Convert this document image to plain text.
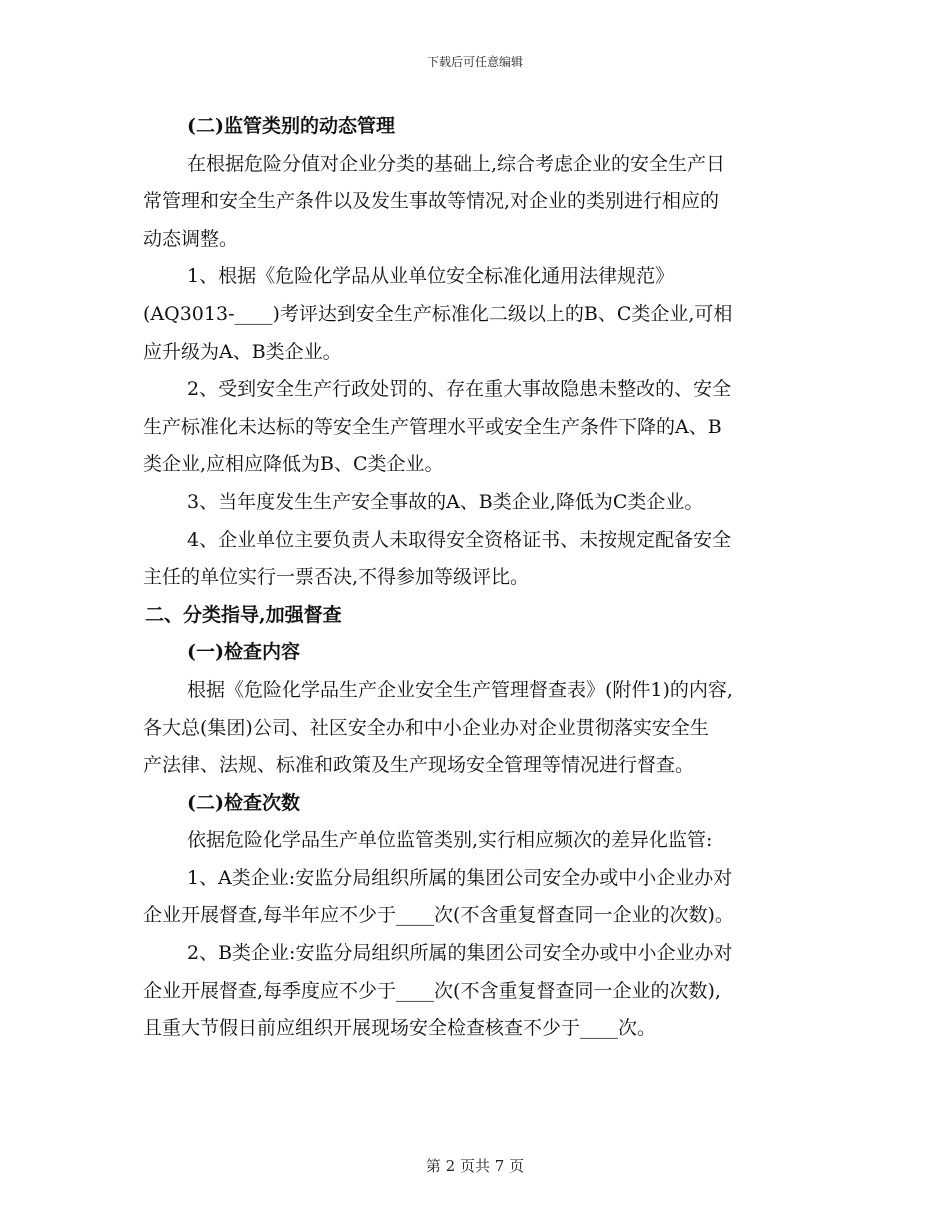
下载后可任意编辑

(二)监管类别的动态管理

在根据危险分值对企业分类的基础上,综合考虑企业的安全生产日

常管理和安全生产条件以及发生事故等情况,对企业的类别进行相应的

动态调整。

1、根据《危险化学品从业单位安全标准化通用法律规范》

(AQ3013-____)考评达到安全生产标准化二级以上的B、C类企业,可相

应升级为A、B类企业。

2、受到安全生产行政处罚的、存在重大事故隐患未整改的、安全

生产标准化未达标的等安全生产管理水平或安全生产条件下降的A、B

类企业,应相应降低为B、C类企业。

3、当年度发生生产安全事故的A、B类企业,降低为C类企业。

4、企业单位主要负责人未取得安全资格证书、未按规定配备安全

主任的单位实行一票否决,不得参加等级评比。

二、分类指导,加强督查

(一)检查内容

根据《危险化学品生产企业安全生产管理督查表》(附件1)的内容,

各大总(集团)公司、社区安全办和中小企业办对企业贯彻落实安全生

产法律、法规、标准和政策及生产现场安全管理等情况进行督查。

(二)检查次数

依据危险化学品生产单位监管类别,实行相应频次的差异化监管:

1、A类企业:安监分局组织所属的集团公司安全办或中小企业办对

企业开展督查,每半年应不少于____次(不含重复督查同一企业的次数)。

2、B类企业:安监分局组织所属的集团公司安全办或中小企业办对

企业开展督查,每季度应不少于____次(不含重复督查同一企业的次数),

且重大节假日前应组织开展现场安全检查核查不少于____次。

第 2 页共 7 页
